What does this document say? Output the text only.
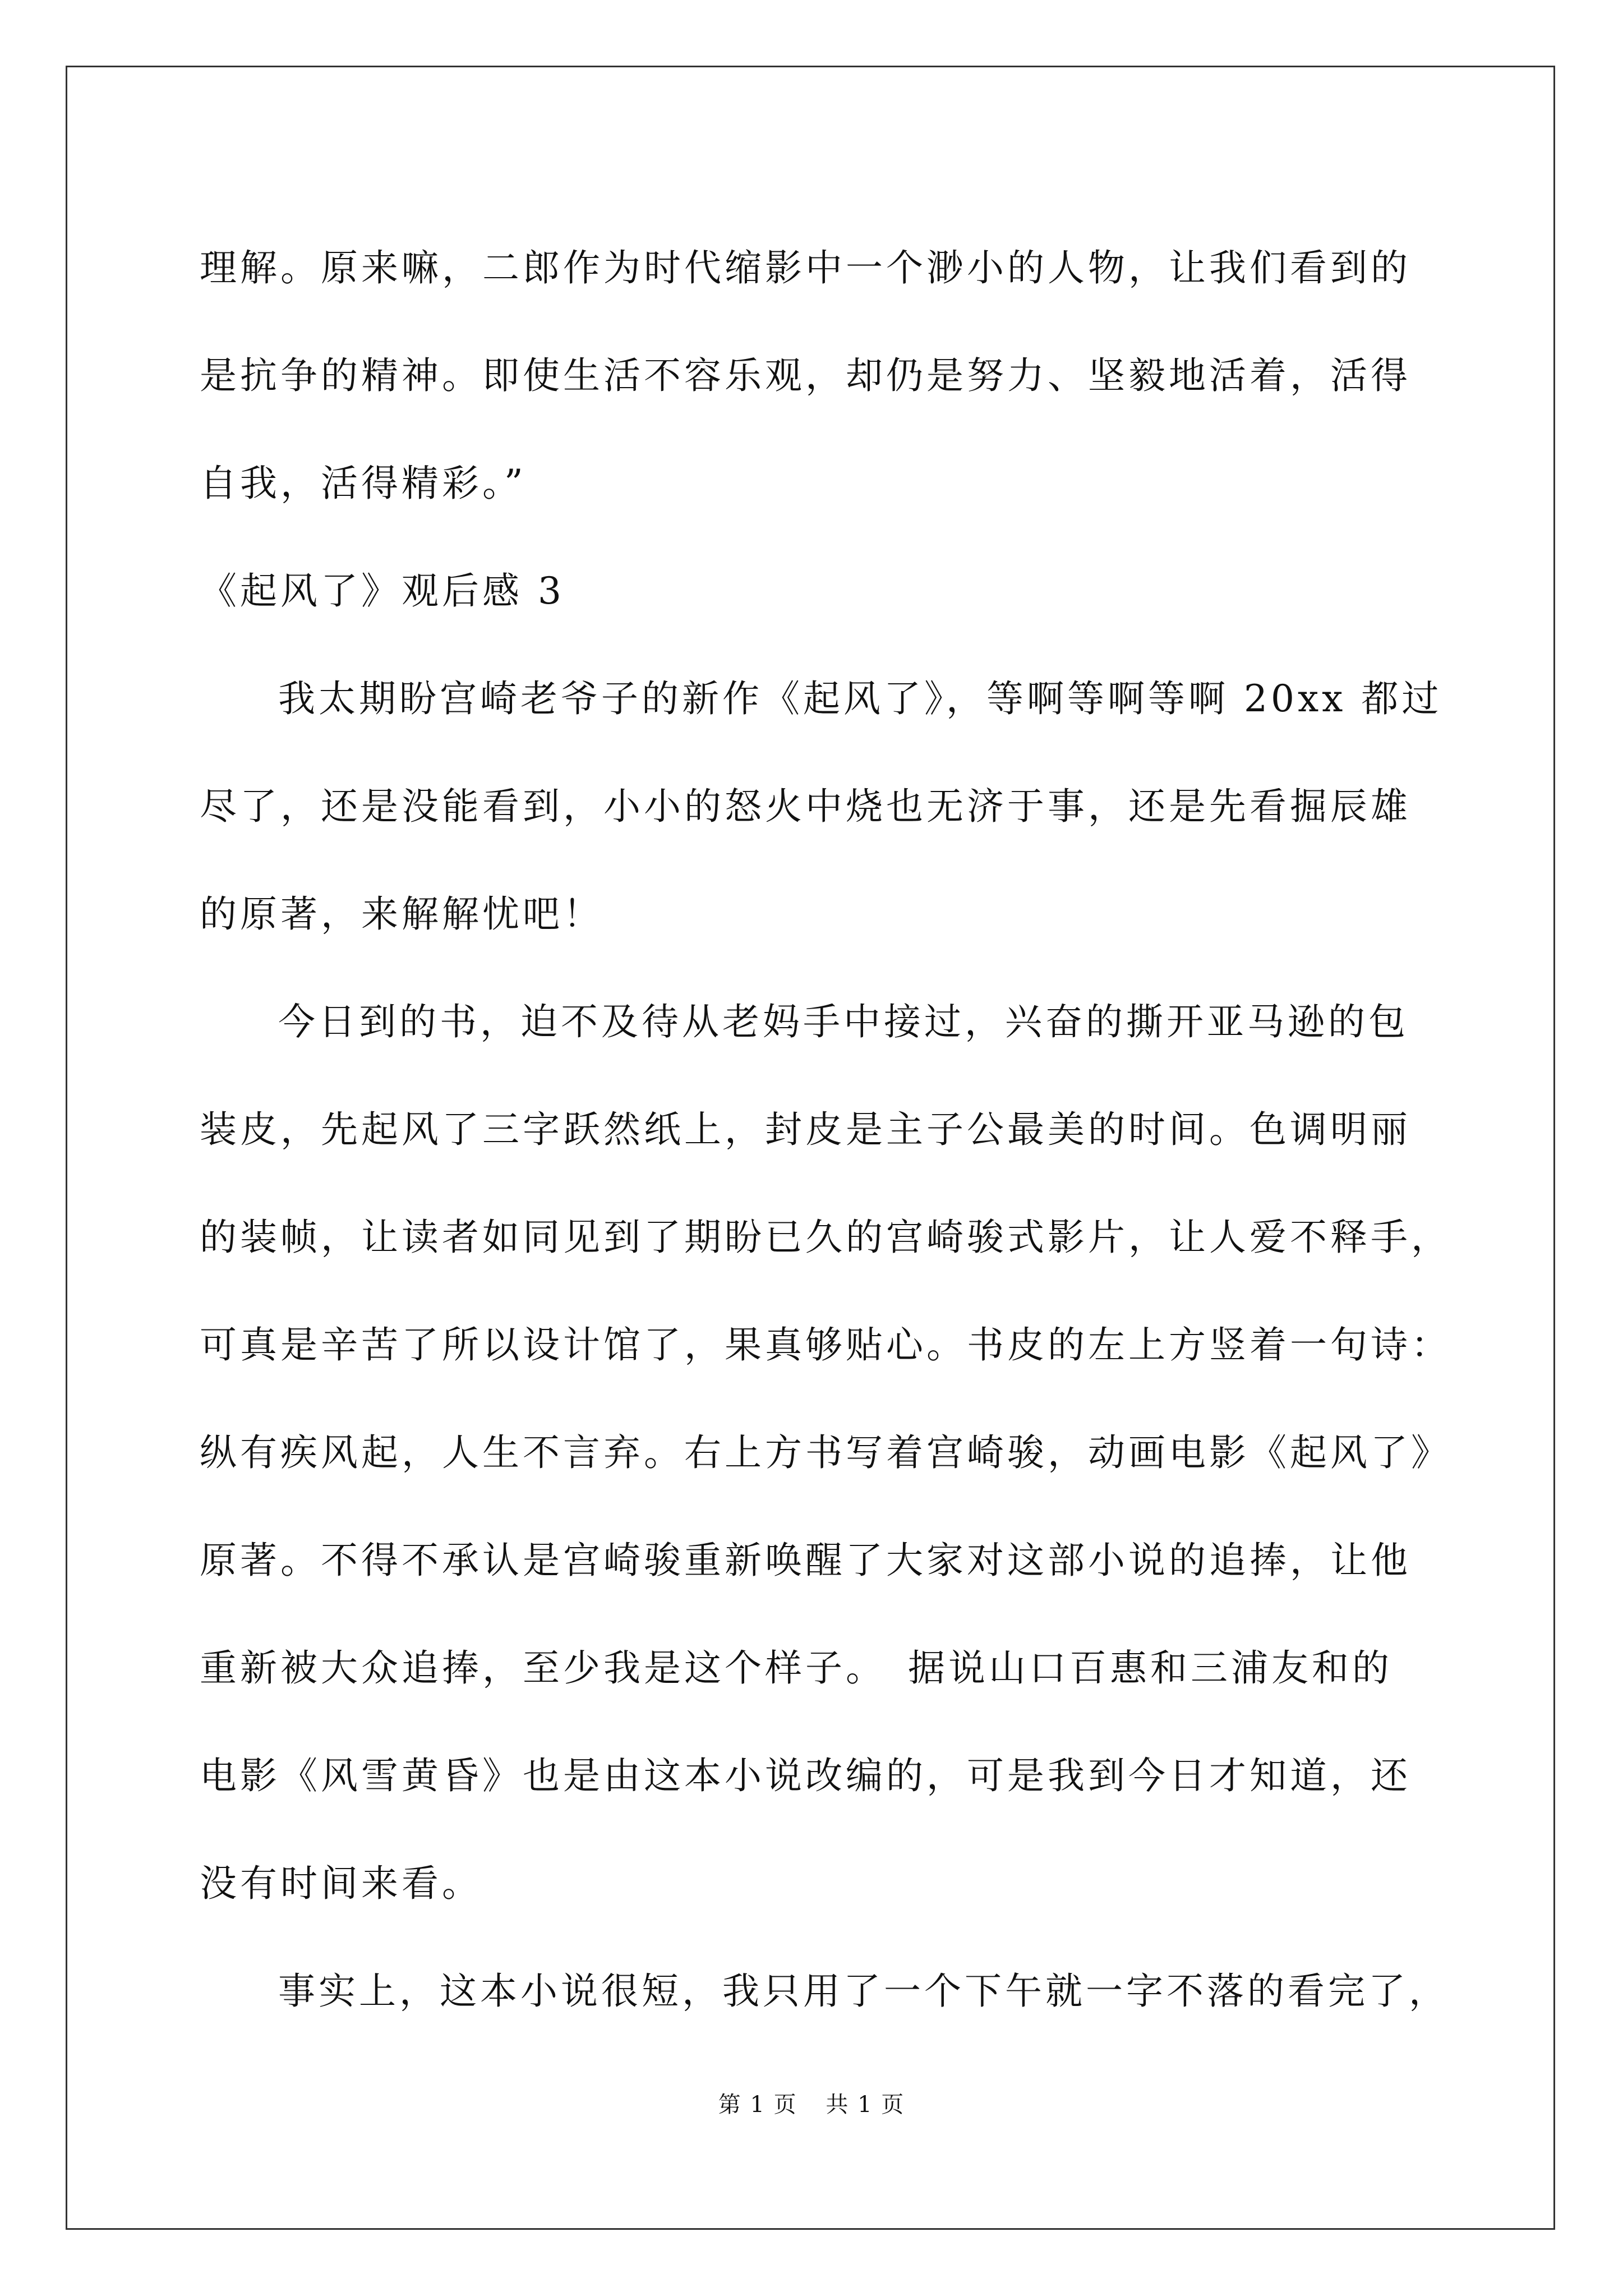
理解。原来嘛，二郎作为时代缩影中一个渺小的人物，让我们看到的
是抗争的精神。即使生活不容乐观，却仍是努力、坚毅地活着，活得
自我，活得精彩。”
《起风了》观后感 3
我太期盼宫崎老爷子的新作《起风了》，等啊等啊等啊 20xx 都过
尽了，还是没能看到，小小的怒火中烧也无济于事，还是先看掘辰雄
的原著，来解解忧吧！
今日到的书，迫不及待从老妈手中接过，兴奋的撕开亚马逊的包
装皮，先起风了三字跃然纸上，封皮是主子公最美的时间。色调明丽
的装帧，让读者如同见到了期盼已久的宫崎骏式影片，让人爱不释手，
可真是辛苦了所以设计馆了，果真够贴心。书皮的左上方竖着一句诗：
纵有疾风起，人生不言弃。右上方书写着宫崎骏，动画电影《起风了》
原著。不得不承认是宫崎骏重新唤醒了大家对这部小说的追捧，让他
重新被大众追捧，至少我是这个样子。　据说山口百惠和三浦友和的
电影《风雪黄昏》也是由这本小说改编的，可是我到今日才知道，还
没有时间来看。
事实上，这本小说很短，我只用了一个下午就一字不落的看完了，
第 1 页 共 1 页
